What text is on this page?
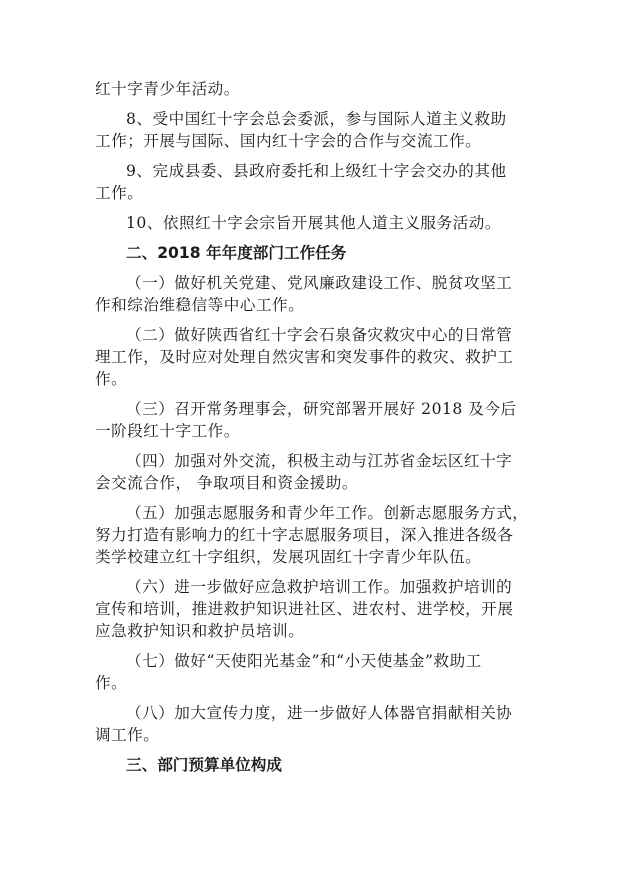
红十字青少年活动。

8、受中国红十字会总会委派，参与国际人道主义救助

工作；开展与国际、国内红十字会的合作与交流工作。

9、完成县委、县政府委托和上级红十字会交办的其他

工作。

10、依照红十字会宗旨开展其他人道主义服务活动。

二、2018 年年度部门工作任务

（一）做好机关党建、党风廉政建设工作、脱贫攻坚工

作和综治维稳信等中心工作。

（二）做好陕西省红十字会石泉备灾救灾中心的日常管

理工作，及时应对处理自然灾害和突发事件的救灾、救护工

作。

（三）召开常务理事会，研究部署开展好 2018 及今后

一阶段红十字工作。

（四）加强对外交流，积极主动与江苏省金坛区红十字

会交流合作， 争取项目和资金援助。

（五）加强志愿服务和青少年工作。创新志愿服务方式，

努力打造有影响力的红十字志愿服务项目，深入推进各级各

类学校建立红十字组织，发展巩固红十字青少年队伍。

（六）进一步做好应急救护培训工作。加强救护培训的

宣传和培训，推进救护知识进社区、进农村、进学校，开展

应急救护知识和救护员培训。

（七）做好“天使阳光基金”和“小天使基金”救助工

作。

（八）加大宣传力度，进一步做好人体器官捐献相关协

调工作。

三、部门预算单位构成
